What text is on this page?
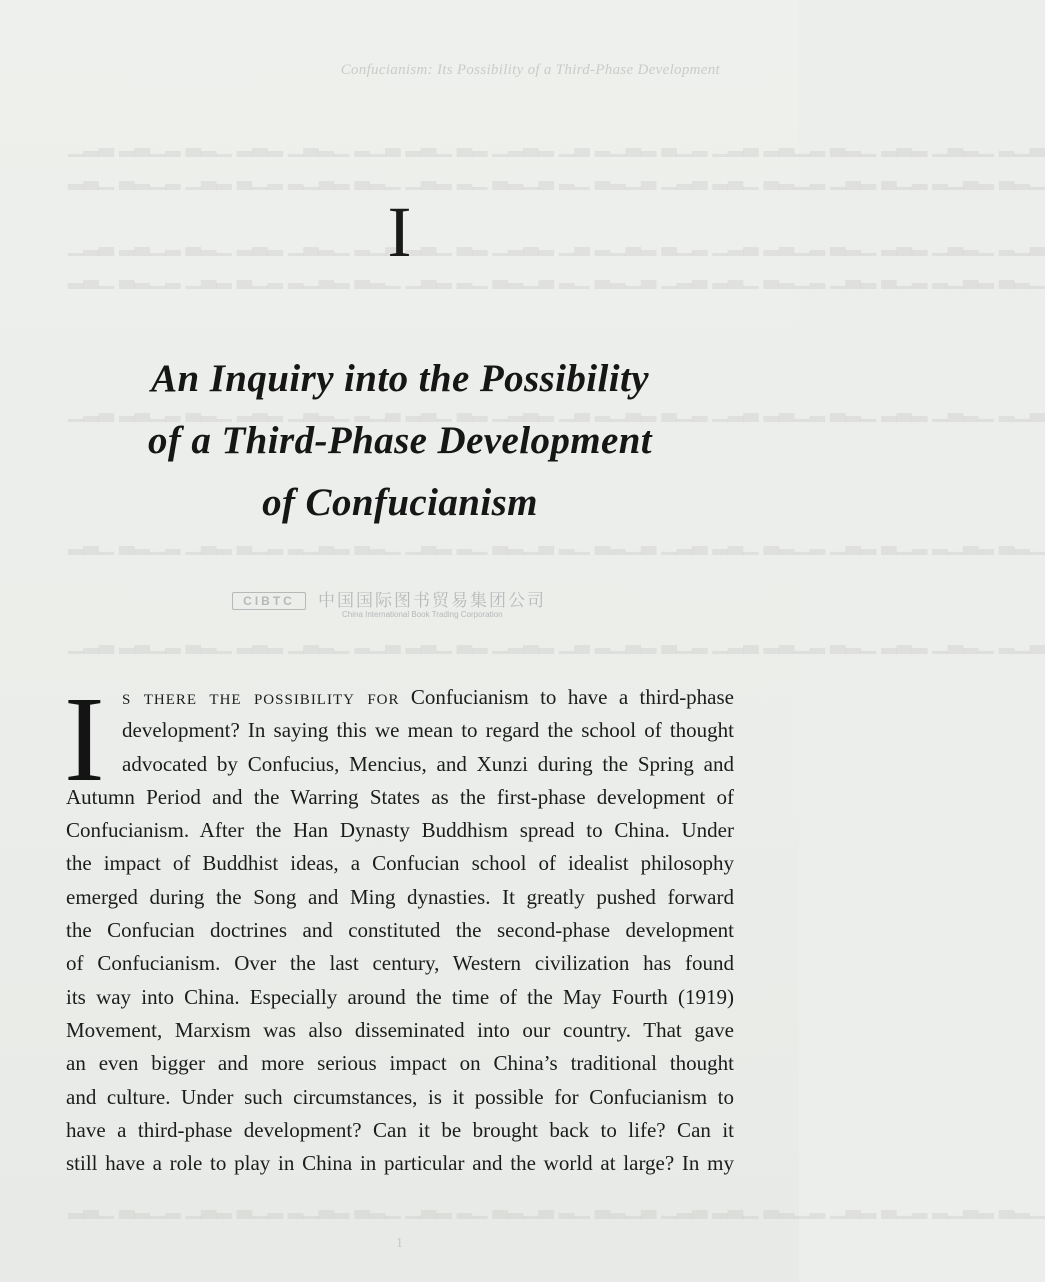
Confucianism: Its Possibility of a Third-Phase Development
▁▂▃ ▂▃▁▂ ▃▂▁ ▂▃▂ ▁▃▂▁ ▂▁▃ ▂▃▁ ▃▂ ▁▂▃▂ ▁▃ ▂▁▃▂ ▃▁▂ ▁▂▃ ▂▃▁▂ ▃▂▁ ▂▃▂ ▁▃▂▁ ▂▁▃
▂▃▁ ▃▂▁▂ ▁▃▂ ▃▁▂ ▂▁▃▂ ▃▂▁ ▁▃▂ ▂▁ ▃▂▁▃ ▂▁ ▃▂▁▃ ▁▂▃ ▂▃▁ ▃▂▁▂ ▁▃▂ ▃▁▂ ▂▁▃▂ ▃▂▁
▁▂▃ ▂▃▁▂ ▃▂▁ ▂▃▂ ▁▃▂▁ ▂▁▃ ▂▃▁ ▃▂ ▁▂▃▂ ▁▃ ▂▁▃▂ ▃▁▂ ▁▂▃ ▂▃▁▂ ▃▂▁ ▂▃▂ ▁▃▂▁ ▂▁▃
▂▃▁ ▃▂▁▂ ▁▃▂ ▃▁▂ ▂▁▃▂ ▃▂▁ ▁▃▂ ▂▁ ▃▂▁▃ ▂▁ ▃▂▁▃ ▁▂▃ ▂▃▁ ▃▂▁▂ ▁▃▂ ▃▁▂ ▂▁▃▂ ▃▂▁
▁▂▃ ▂▃▁▂ ▃▂▁ ▂▃▂ ▁▃▂▁ ▂▁▃ ▂▃▁ ▃▂ ▁▂▃▂ ▁▃ ▂▁▃▂ ▃▁▂ ▁▂▃ ▂▃▁▂ ▃▂▁ ▂▃▂ ▁▃▂▁ ▂▁▃
▂▃▁ ▃▂▁▂ ▁▃▂ ▃▁▂ ▂▁▃▂ ▃▂▁ ▁▃▂ ▂▁ ▃▂▁▃ ▂▁ ▃▂▁▃ ▁▂▃ ▂▃▁ ▃▂▁▂ ▁▃▂ ▃▁▂ ▂▁▃▂ ▃▂▁
▁▂▃ ▂▃▁▂ ▃▂▁ ▂▃▂ ▁▃▂▁ ▂▁▃ ▂▃▁ ▃▂ ▁▂▃▂ ▁▃ ▂▁▃▂ ▃▁▂ ▁▂▃ ▂▃▁▂ ▃▂▁ ▂▃▂ ▁▃▂▁ ▂▁▃
▂▃▁ ▃▂▁▂ ▁▃▂ ▃▁▂ ▂▁▃▂ ▃▂▁ ▁▃▂ ▂▁ ▃▂▁▃ ▂▁ ▃▂▁▃ ▁▂▃ ▂▃▁ ▃▂▁▂ ▁▃▂ ▃▁▂ ▂▁▃▂ ▃▂▁
I
An Inquiry into the Possibility
of a Third-Phase Development
of Confucianism
CIBTC	中国国际图书贸易集团公司
China International Book Trading Corporation
I s there the possibility for Confucianism to have a third-phase
development? In saying this we mean to regard the school of thought
advocated by Confucius, Mencius, and Xunzi during the Spring and
Autumn Period and the Warring States as the first-phase development of
Confucianism. After the Han Dynasty Buddhism spread to China. Under
the impact of Buddhist ideas, a Confucian school of idealist philosophy
emerged during the Song and Ming dynasties. It greatly pushed forward
the Confucian doctrines and constituted the second-phase development
of Confucianism. Over the last century, Western civilization has found
its way into China. Especially around the time of the May Fourth (1919)
Movement, Marxism was also disseminated into our country. That gave
an even bigger and more serious impact on China’s traditional thought
and culture. Under such circumstances, is it possible for Confucianism to
have a third-phase development? Can it be brought back to life? Can it
still have a role to play in China in particular and the world at large? In my
1
